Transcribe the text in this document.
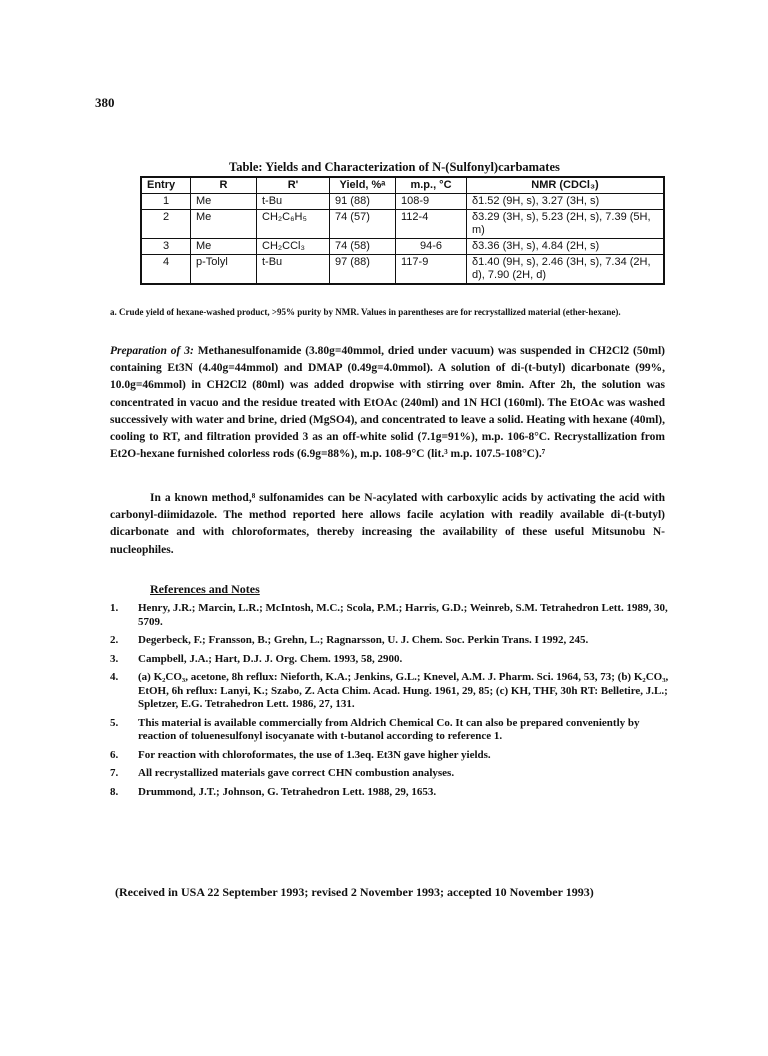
380
Table: Yields and Characterization of N-(Sulfonyl)carbamates
Entry	R	R'	Yield, %ᵃ	m.p., °C	NMR (CDCl₃)
1	Me	t-Bu	91 (88)	108-9	δ1.52 (9H, s), 3.27 (3H, s)
2	Me	CH₂C₆H₅	74 (57)	112-4	δ3.29 (3H, s), 5.23 (2H, s), 7.39 (5H, m)
3	Me	CH₂CCl₃	74 (58)	94-6	δ3.36 (3H, s), 4.84 (2H, s)
4	p-Tolyl	t-Bu	97 (88)	117-9	δ1.40 (9H, s), 2.46 (3H, s), 7.34 (2H, d), 7.90 (2H, d)
a. Crude yield of hexane-washed product, >95% purity by NMR. Values in parentheses are for recrystallized material (ether-hexane).

Preparation of 3: Methanesulfonamide (3.80g=40mmol, dried under vacuum) was suspended in CH2Cl2 (50ml) containing Et3N (4.40g=44mmol) and DMAP (0.49g=4.0mmol). A solution of di-(t-butyl) dicarbonate (99%, 10.0g=46mmol) in CH2Cl2 (80ml) was added dropwise with stirring over 8min. After 2h, the solution was concentrated in vacuo and the residue treated with EtOAc (240ml) and 1N HCl (160ml). The EtOAc was washed successively with water and brine, dried (MgSO4), and concentrated to leave a solid. Heating with hexane (40ml), cooling to RT, and filtration provided 3 as an off-white solid (7.1g=91%), m.p. 106-8°C. Recrystallization from Et2O-hexane furnished colorless rods (6.9g=88%), m.p. 108-9°C (lit.³ m.p. 107.5-108°C).⁷

In a known method,⁸ sulfonamides can be N-acylated with carboxylic acids by activating the acid with carbonyl-diimidazole. The method reported here allows facile acylation with readily available di-(t-butyl) dicarbonate and with chloroformates, thereby increasing the availability of these useful Mitsunobu N-nucleophiles.

References and Notes
1. Henry, J.R.; Marcin, L.R.; McIntosh, M.C.; Scola, P.M.; Harris, G.D.; Weinreb, S.M. Tetrahedron Lett. 1989, 30, 5709.
2. Degerbeck, F.; Fransson, B.; Grehn, L.; Ragnarsson, U. J. Chem. Soc. Perkin Trans. I 1992, 245.
3. Campbell, J.A.; Hart, D.J. J. Org. Chem. 1993, 58, 2900.
4. (a) K₂CO₃, acetone, 8h reflux: Nieforth, K.A.; Jenkins, G.L.; Knevel, A.M. J. Pharm. Sci. 1964, 53, 73; (b) K₂CO₃, EtOH, 6h reflux: Lanyi, K.; Szabo, Z. Acta Chim. Acad. Hung. 1961, 29, 85; (c) KH, THF, 30h RT: Belletire, J.L.; Spletzer, E.G. Tetrahedron Lett. 1986, 27, 131.
5. This material is available commercially from Aldrich Chemical Co. It can also be prepared conveniently by reaction of toluenesulfonyl isocyanate with t-butanol according to reference 1.
6. For reaction with chloroformates, the use of 1.3eq. Et3N gave higher yields.
7. All recrystallized materials gave correct CHN combustion analyses.
8. Drummond, J.T.; Johnson, G. Tetrahedron Lett. 1988, 29, 1653.
(Received in USA 22 September 1993; revised 2 November 1993; accepted 10 November 1993)
